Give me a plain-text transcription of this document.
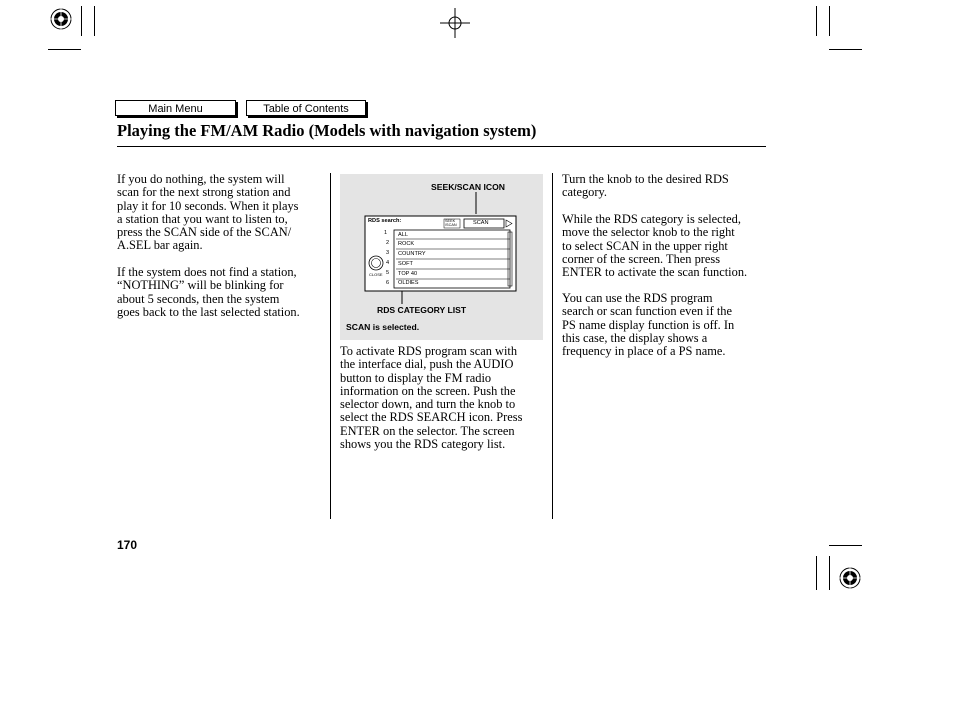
Main Menu	Table of Contents
Playing the FM/AM Radio (Models with navigation system)
If you do nothing, the system will
scan for the next strong station and
play it for 10 seconds. When it plays
a station that you want to listen to,
press the SCAN side of the SCAN/
A.SEL bar again.
If the system does not find a station,
“NOTHING” will be blinking for
about 5 seconds, then the system
goes back to the last selected station.
SEEK/SCAN ICON
RDS CATEGORY LIST
SCAN is selected.
RDS search:	SEEK
/SCAN	SCAN
CLOSE
1 ALL
2 ROCK
3 COUNTRY
4 SOFT
5 TOP 40
6 OLDIES
To activate RDS program scan with
the interface dial, push the AUDIO
button to display the FM radio
information on the screen. Push the
selector down, and turn the knob to
select the RDS SEARCH icon. Press
ENTER on the selector. The screen
shows you the RDS category list.
Turn the knob to the desired RDS
category.
While the RDS category is selected,
move the selector knob to the right
to select SCAN in the upper right
corner of the screen. Then press
ENTER to activate the scan function.
You can use the RDS program
search or scan function even if the
PS name display function is off. In
this case, the display shows a
frequency in place of a PS name.
170
